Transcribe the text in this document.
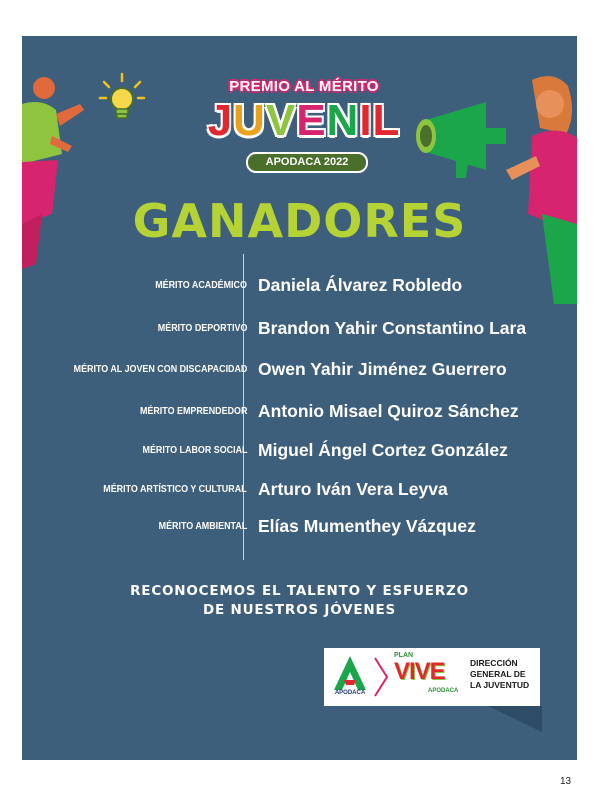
PREMIO AL MÉRITO
JUVENIL
APODACA 2022
GANADORES
MÉRITO ACADÉMICO Daniela Álvarez Robledo
MÉRITO DEPORTIVO Brandon Yahir Constantino Lara
MÉRITO AL JOVEN CON DISCAPACIDAD Owen Yahir Jiménez Guerrero
MÉRITO EMPRENDEDOR Antonio Misael Quiroz Sánchez
MÉRITO LABOR SOCIAL Miguel Ángel Cortez González
MÉRITO ARTÍSTICO Y CULTURAL Arturo Iván Vera Leyva
MÉRITO AMBIENTAL Elías Mumenthey Vázquez
RECONOCEMOS EL TALENTO Y ESFUERZO
DE NUESTROS JÓVENES
APODACA
PLAN
VIVE
APODACA
DIRECCIÓN
GENERAL DE
LA JUVENTUD
13
